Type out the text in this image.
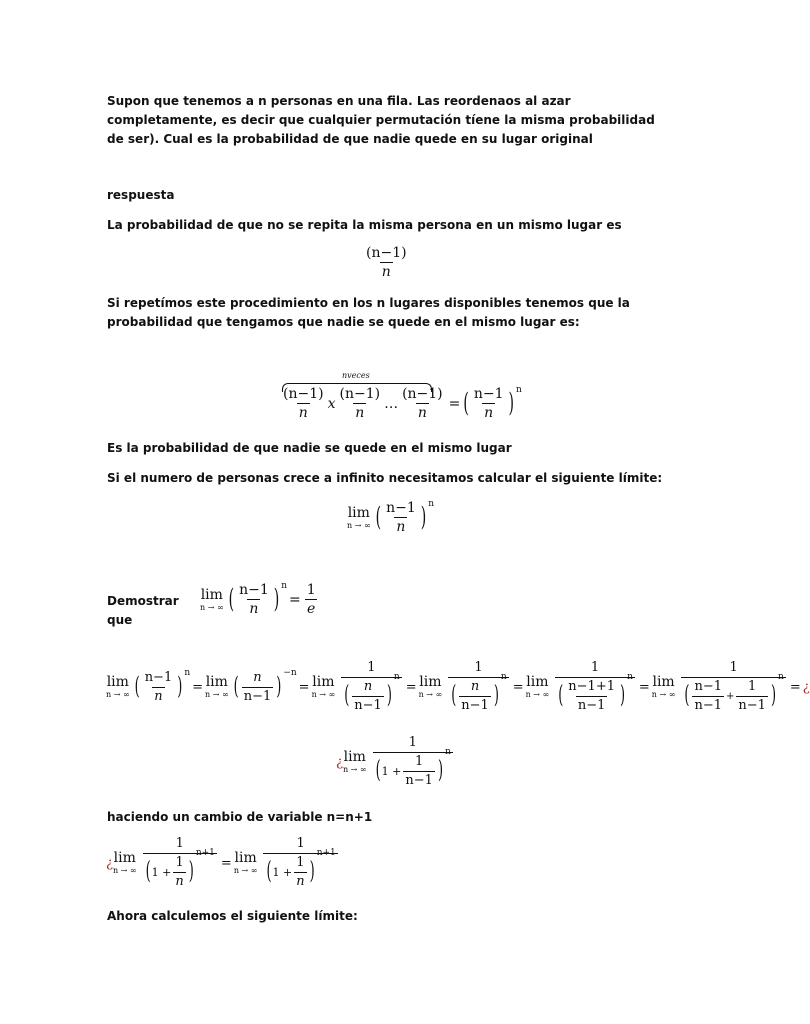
Supon que tenemos a n personas en una fila. Las reordenaos al azar completamente, es decir que cualquier permutación tíene la misma probabilidad de ser). Cual es la probabilidad de que nadie quede en su lugar original

respuesta

La probabilidad de que no se repita la misma persona en un mismo lugar es

$\frac{(n-1)}{n}$

Si repetímos este procedimiento en los n lugares disponibles tenemos que la probabilidad que tengamos que nadie se quede en el mismo lugar es:

nveces
$\frac{(n-1)}{n}$ x $\frac{(n-1)}{n}$ … $\frac{(n-1)}{n}$ = ( $\frac{n-1}{n}$ ) n

Es la probabilidad de que nadie se quede en el mismo lugar

Si el numero de personas crece a infinito necesitamos calcular el siguiente límite:

lim
n → ∞ ( $\frac{n-1}{n}$ ) n

Demostrar que

lim
n → ∞ ( $\frac{n-1}{n}$ ) n
= $\frac{1}{e}$
lim
n → ∞ ( $\frac{n-1}{n}$ ) n
= lim
n → ∞ ( $\frac{n}{n-1}$ ) −n
= lim
n → ∞ 1
( $\frac{n}{n-1}$ )
n = lim
n → ∞ 1
( $\frac{n}{n-1}$ )
n = lim
n → ∞ 1
( $\frac{n-1+1}{n-1}$ )
n = lim
n → ∞
1
( $\frac{n-1}{n-1} + \frac{1}{n-1}$ )
n
= ¿
¿ lim
n → ∞
1
( $1 + \frac{1}{n-1}$ )
n

haciendo un cambio de variable n=n+1

¿ lim
n → ∞
1
( $1 + \frac{1}{n}$ )
n+1
= lim
n → ∞
1
( $1 + \frac{1}{n}$ )
n+1

Ahora calculemos el siguiente límite:
